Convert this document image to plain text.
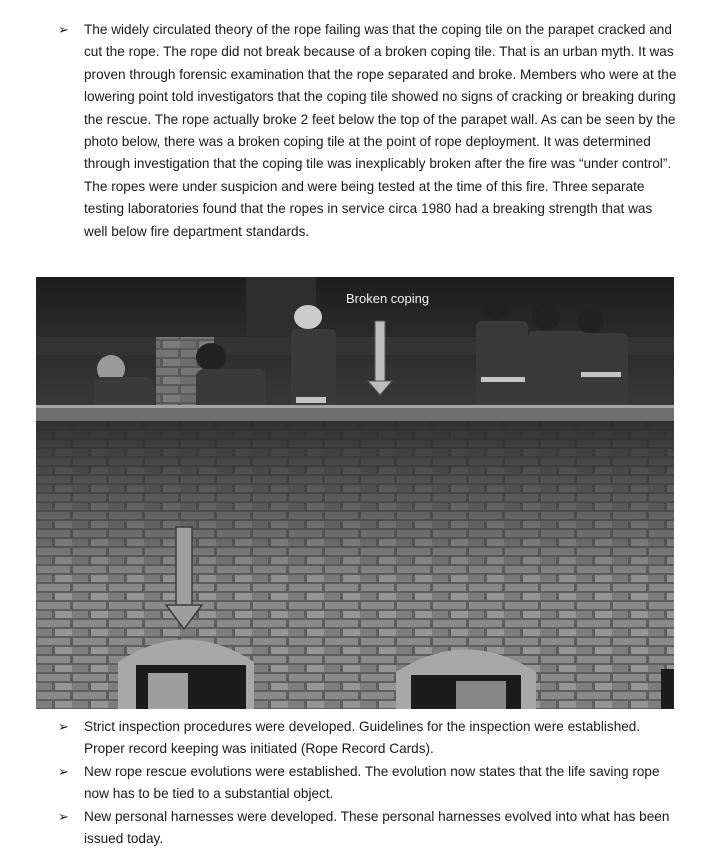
➢	The widely circulated theory of the rope failing was that the coping tile on the parapet cracked and cut the rope. The rope did not break because of a broken coping tile. That is an urban myth. It was proven through forensic examination that the rope separated and broke. Members who were at the lowering point told investigators that the coping tile showed no signs of cracking or breaking during the rescue. The rope actually broke 2 feet below the top of the parapet wall. As can be seen by the photo below, there was a broken coping tile at the point of rope deployment. It was determined through investigation that the coping tile was inexplicably broken after the fire was “under control”. The ropes were under suspicion and were being tested at the time of this fire. Three separate testing laboratories found that the ropes in service circa 1980 had a breaking strength that was well below fire department standards.
Broken coping
➢	Strict inspection procedures were developed. Guidelines for the inspection were established. Proper record keeping was initiated (Rope Record Cards).
➢	New rope rescue evolutions were established. The evolution now states that the life saving rope now has to be tied to a substantial object.
➢	New personal harnesses were developed. These personal harnesses evolved into what has been issued today.
